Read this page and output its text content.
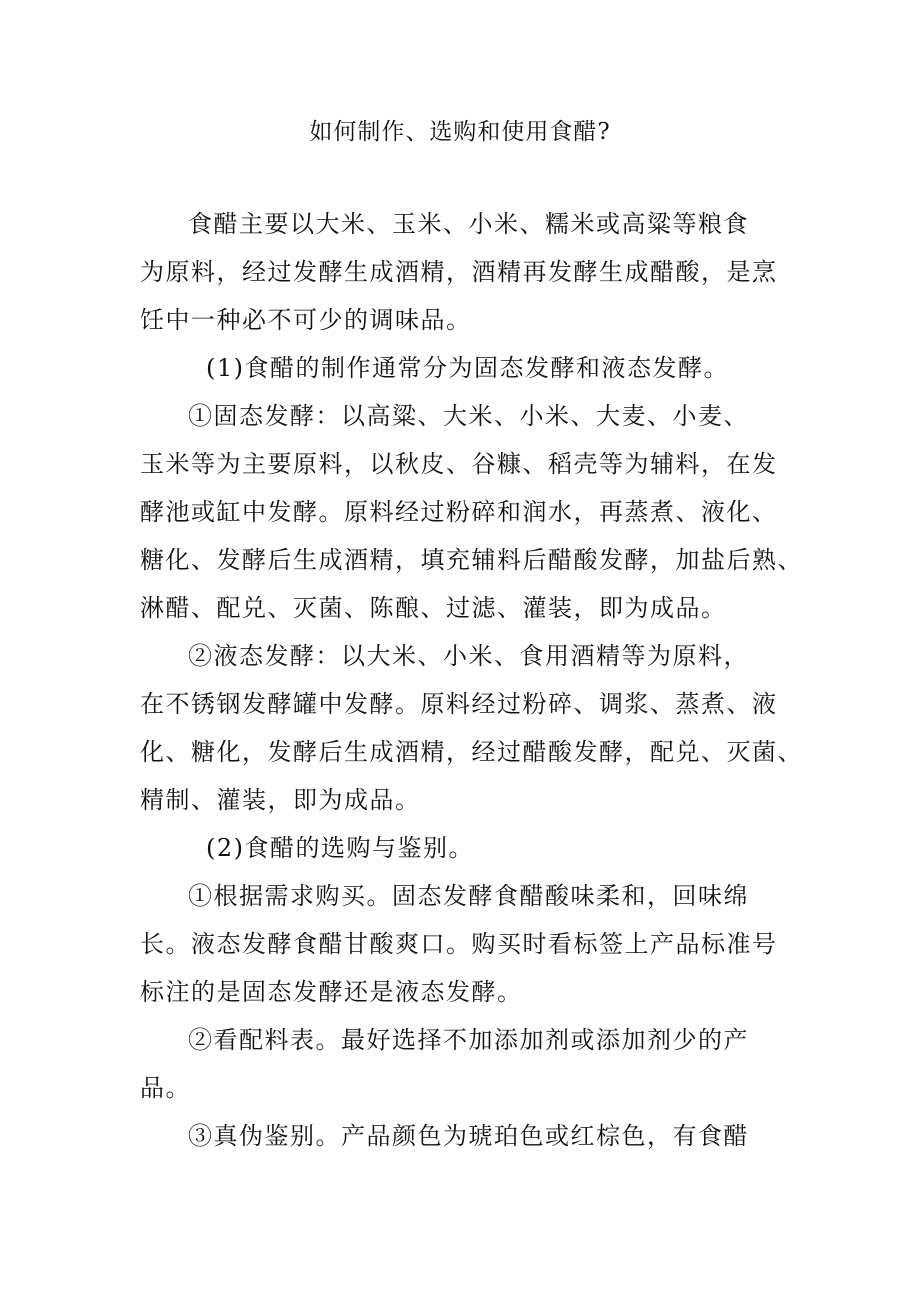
如何制作、选购和使用食醋?
食醋主要以大米、玉米、小米、糯米或高粱等粮食
为原料，经过发酵生成酒精，酒精再发酵生成醋酸，是烹
饪中一种必不可少的调味品。
(1)食醋的制作通常分为固态发酵和液态发酵。
①固态发酵：以高粱、大米、小米、大麦、小麦、
玉米等为主要原料，以秋皮、谷糠、稻壳等为辅料，在发
酵池或缸中发酵。原料经过粉碎和润水，再蒸煮、液化、
糖化、发酵后生成酒精，填充辅料后醋酸发酵，加盐后熟、
淋醋、配兑、灭菌、陈酿、过滤、灌装，即为成品。
②液态发酵：以大米、小米、食用酒精等为原料，
在不锈钢发酵罐中发酵。原料经过粉碎、调浆、蒸煮、液
化、糖化，发酵后生成酒精，经过醋酸发酵，配兑、灭菌、
精制、灌装，即为成品。
(2)食醋的选购与鉴别。
①根据需求购买。固态发酵食醋酸味柔和，回味绵
长。液态发酵食醋甘酸爽口。购买时看标签上产品标准号
标注的是固态发酵还是液态发酵。
②看配料表。最好选择不加添加剂或添加剂少的产
品。
③真伪鉴别。产品颜色为琥珀色或红棕色，有食醋
